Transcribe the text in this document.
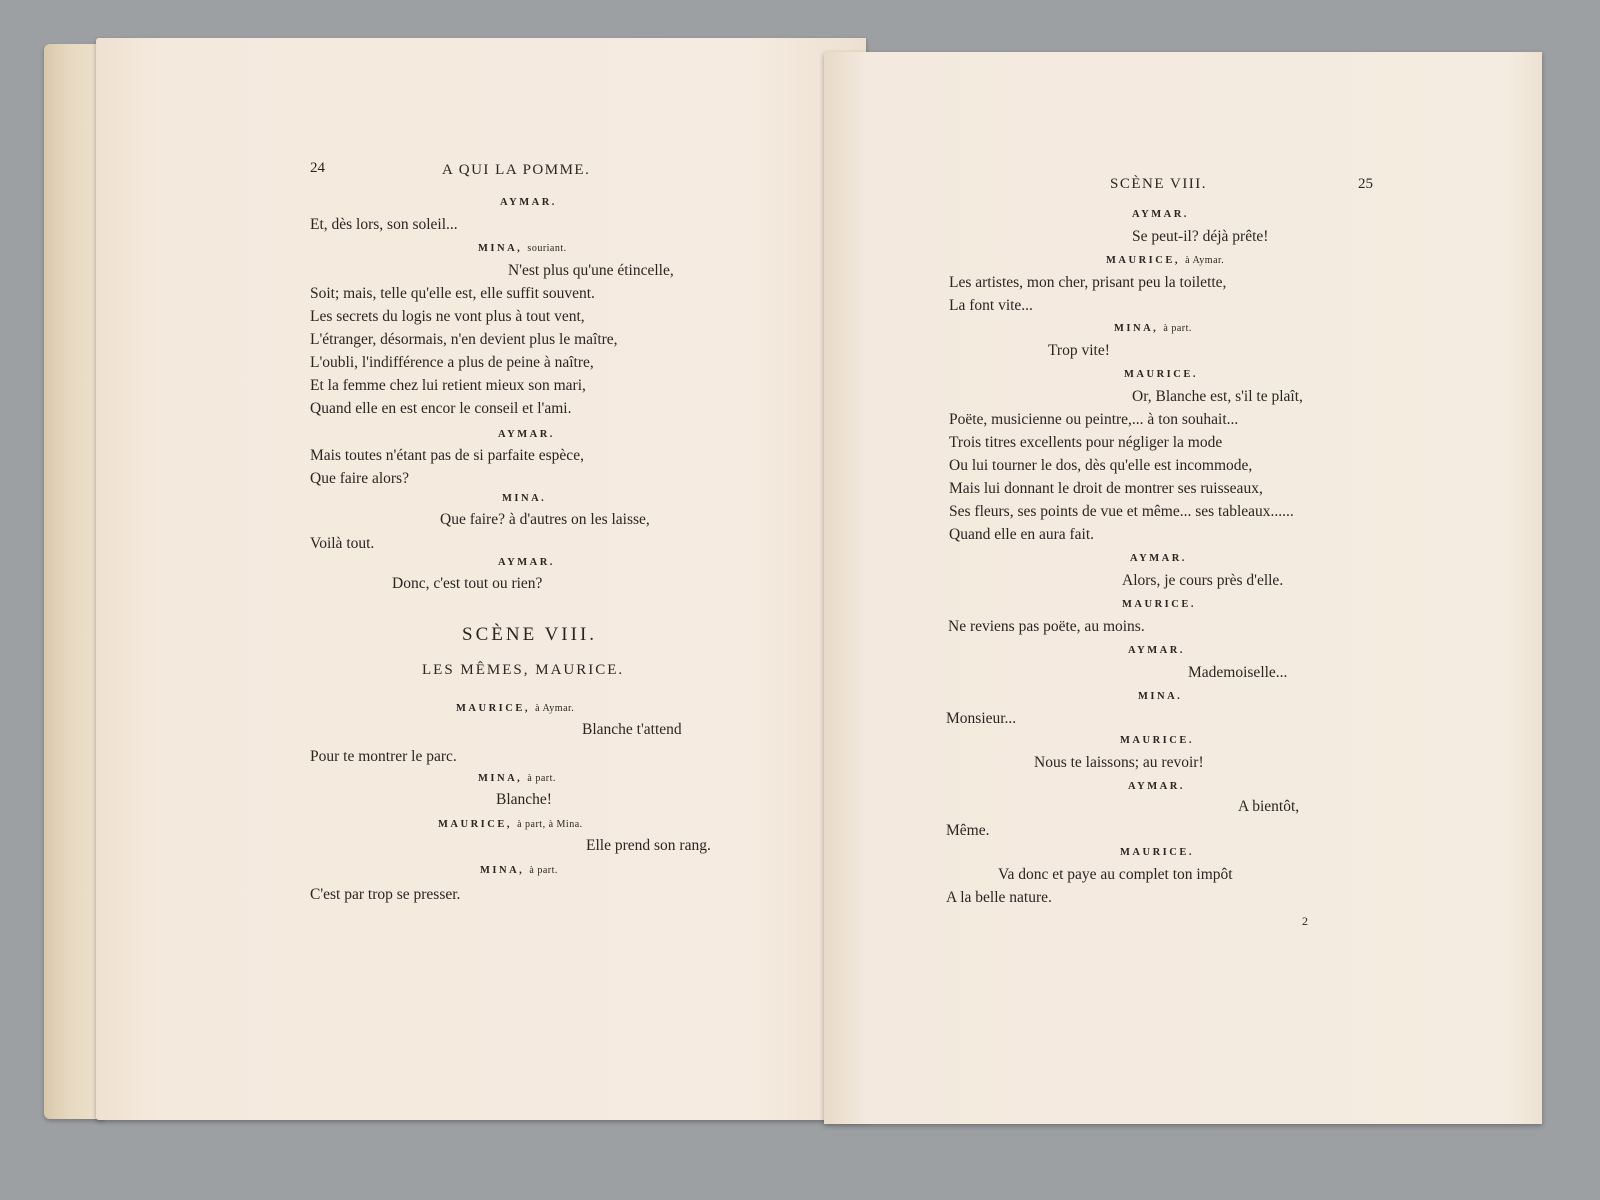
24	A QUI LA POMME.
AYMAR.
Et, dès lors, son soleil...
MINA, souriant.
N'est plus qu'une étincelle,
Soit; mais, telle qu'elle est, elle suffit souvent.
Les secrets du logis ne vont plus à tout vent,
L'étranger, désormais, n'en devient plus le maître,
L'oubli, l'indifférence a plus de peine à naître,
Et la femme chez lui retient mieux son mari,
Quand elle en est encor le conseil et l'ami.
AYMAR.
Mais toutes n'étant pas de si parfaite espèce,
Que faire alors?
MINA.
Que faire? à d'autres on les laisse,
Voilà tout.
AYMAR.
Donc, c'est tout ou rien?
SCÈNE VIII.
LES MÊMES, MAURICE.
MAURICE, à Aymar.
Blanche t'attend
Pour te montrer le parc.
MINA, à part.
Blanche!
MAURICE, à part, à Mina.
Elle prend son rang.
MINA, à part.
C'est par trop se presser.
SCÈNE VIII.	25
AYMAR.
Se peut-il? déjà prête!
MAURICE, à Aymar.
Les artistes, mon cher, prisant peu la toilette,
La font vite...
MINA, à part.
Trop vite!
MAURICE.
Or, Blanche est, s'il te plaît,
Poëte, musicienne ou peintre,... à ton souhait...
Trois titres excellents pour négliger la mode
Ou lui tourner le dos, dès qu'elle est incommode,
Mais lui donnant le droit de montrer ses ruisseaux,
Ses fleurs, ses points de vue et même... ses tableaux......
Quand elle en aura fait.
AYMAR.
Alors, je cours près d'elle.
MAURICE.
Ne reviens pas poëte, au moins.
AYMAR.
Mademoiselle...
MINA.
Monsieur...
MAURICE.
Nous te laissons; au revoir!
AYMAR.
A bientôt,
Même.
MAURICE.
Va donc et paye au complet ton impôt
A la belle nature.
2
